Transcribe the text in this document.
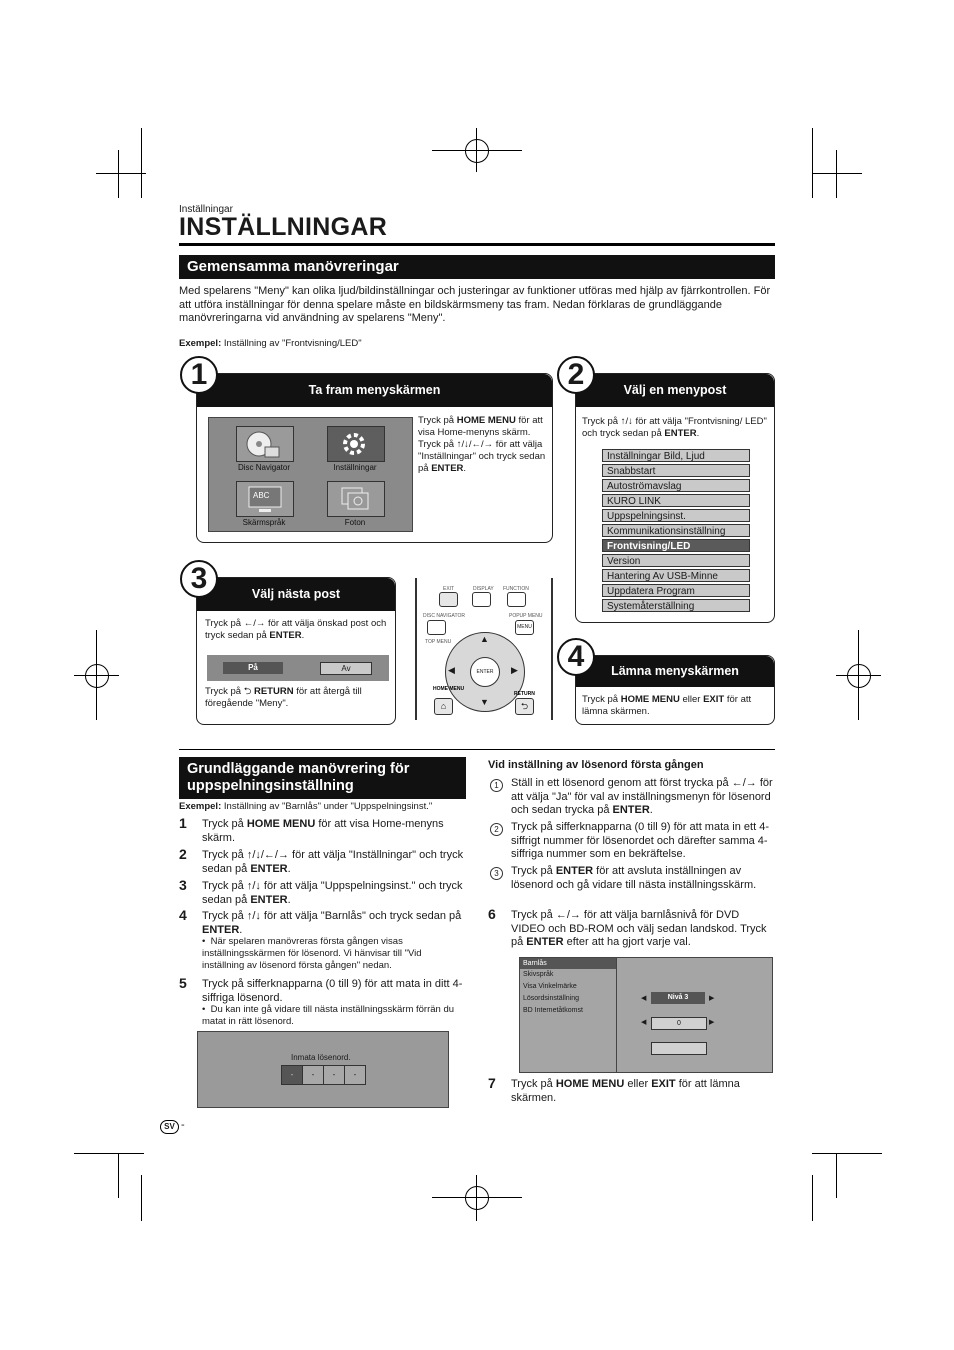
Inställningar
INSTÄLLNINGAR
Gemensamma manövreringar
Med spelarens "Meny" kan olika ljud/bildinställningar och justeringar av funktioner utföras med hjälp av fjärrkontrollen. För att utföra inställningar för denna spelare måste en bildskärmsmeny tas fram. Nedan förklaras de grundläggande manövreringarna vid användning av spelarens "Meny".
Exempel: Inställning av "Frontvisning/LED"
Ta fram menyskärmen
Disc Navigator	Inställningar
ABC
Skärmspråk	Foton
Tryck på HOME MENU för att visa Home-menyns skärm.
Tryck på ↑/↓/←/→ för att välja "Inställningar" och tryck sedan på ENTER.
1	Välj en menypost
Tryck på ↑/↓ för att välja "Frontvisning/ LED" och tryck sedan på ENTER.
Inställningar Bild, Ljud
Snabbstart
Autoströmavslag
KURO LINK
Uppspelningsinst.
Kommunikationsinställning
Frontvisning/LED
Version
Hantering Av USB-Minne
Uppdatera Program
Systemåterställning
2
Välj nästa post
Tryck på ←/→ för att välja önskad post och tryck sedan på ENTER.
På	Av
Tryck på ⮌ RETURN för att återgå till föregående "Meny".
3	EXIT	DISPLAY FUNCTION
DISC NAVIGATOR
TOP MENU
POPUP MENU
MENU
▲
▼
◀	▶
ENTER
HOME MENU
⌂
RETURN
⮌
Lämna menyskärmen
Tryck på HOME MENU eller EXIT för att lämna skärmen.
4
Grundläggande manövrering för uppspelningsinställning
Exempel: Inställning av "Barnlås" under "Uppspelningsinst."
1 Tryck på HOME MENU för att visa Home-menyns skärm.
2 Tryck på ↑/↓/←/→ för att välja "Inställningar" och tryck sedan på ENTER.
3 Tryck på ↑/↓ för att välja "Uppspelningsinst." och tryck sedan på ENTER.
4 Tryck på ↑/↓ för att välja "Barnlås" och tryck sedan på ENTER.
•  När spelaren manövreras första gången visas inställningsskärmen för lösenord. Vi hänvisar till "Vid inställning av lösenord första gången" nedan.
5 Tryck på sifferknapparna (0 till 9) för att mata in ditt 4-siffriga lösenord.
•  Du kan inte gå vidare till nästa inställningsskärm förrän du matat in rätt lösenord.
Inmata lösenord.
-	-	-	-
Vid inställning av lösenord första gången
1	Ställ in ett lösenord genom att först trycka på ←/→ för att välja "Ja" för val av inställningsmenyn för lösenord och sedan trycka på ENTER.
2	Tryck på sifferknapparna (0 till 9) för att mata in ett 4-siffrigt nummer för lösenordet och därefter samma 4-siffriga nummer som en bekräftelse.
3	Tryck på ENTER för att avsluta inställningen av lösenord och gå vidare till nästa inställningsskärm.
6 Tryck på ←/→ för att välja barnlåsnivå för DVD VIDEO och BD-ROM och välj sedan landskod. Tryck på ENTER efter att ha gjort varje val.
Barnlås
Skivspråk
Visa Vinkelmärke
Lösordsinställning
BD Internetåtkomst
Nivå 3
◀	▶
0
◀	▶
7 Tryck på HOME MENU eller EXIT för att lämna skärmen.
SV -
